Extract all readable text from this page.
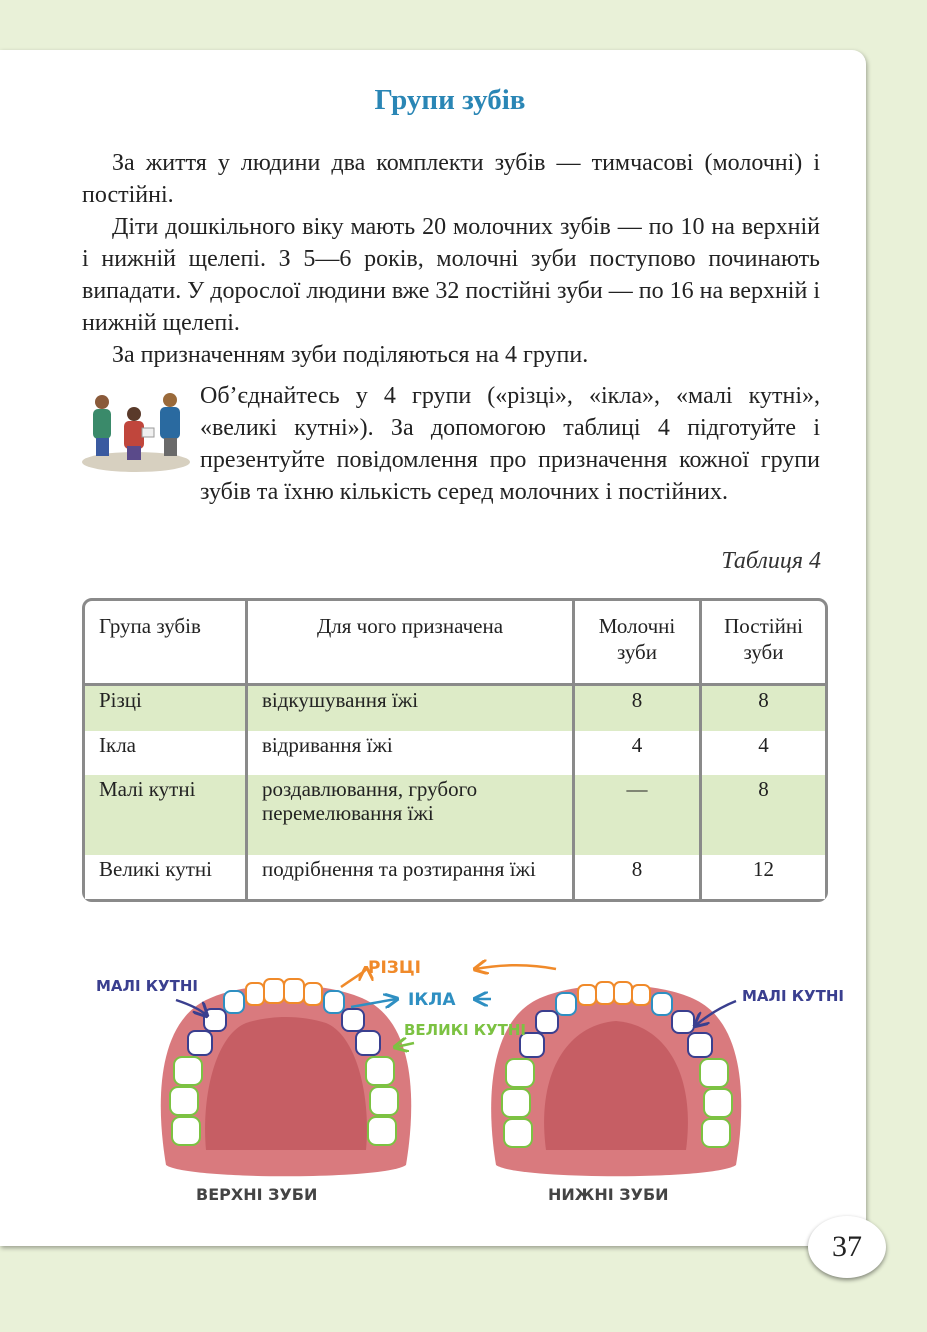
Групи зубів

За життя у людини два комплекти зубів — тимчасові (молочні) і постійні.

Діти дошкільного віку мають 20 молочних зубів — по 10 на верхній і нижній щелепі. З 5—6 років, молочні зуби поступово починають випадати. У дорослої людини вже 32 постійні зуби — по 16 на верхній і нижній щелепі.

За призначенням зуби поділяються на 4 групи.

Об’єднайтесь у 4 групи («різці», «ікла», «малі кутні», «великі кутні»). За допомогою таблиці 4 підготуйте і презентуйте повідомлення про призначення кожної групи зубів та їхню кількість серед молочних і постійних.

Таблиця 4
Група зубів	Для чого призначена	Молочні зуби	Постійні зуби
Різці	відкушування їжі	8	8
Ікла	відривання їжі	4	4
Малі кутні	роздавлювання, грубого перемелювання їжі	—	8
Великі кутні	подрібнення та розтирання їжі	8	12
РІЗЦІ
ІКЛА
МАЛІ КУТНІ
МАЛІ КУТНІ
ВЕЛИКІ КУТНІ
ВЕРХНІ ЗУБИ	НИЖНІ ЗУБИ
37
